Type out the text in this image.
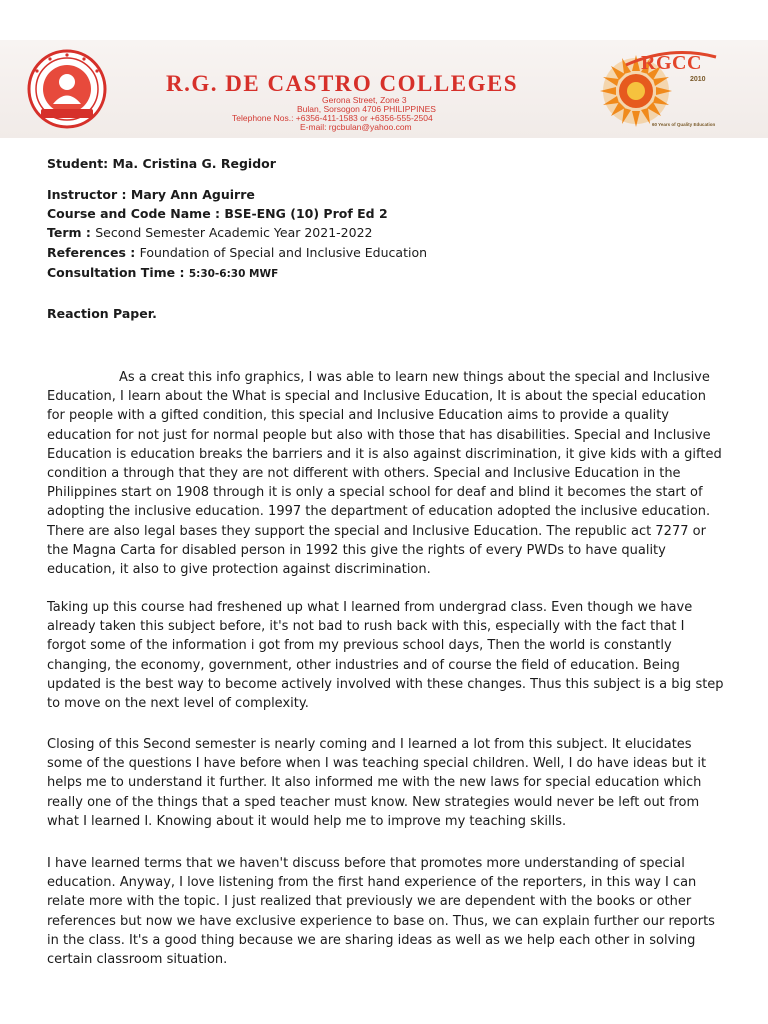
R.G. DE CASTRO COLLEGES
Gerona Street, Zone 3
Bulan, Sorsogon 4706 PHILIPPINES
Telephone Nos.: +6356-411-1583 or +6356-555-2504
E-mail: rgcbulan@yahoo.com
RGCC
2010
60 Years of Quality Education
Student: Ma. Cristina G. Regidor
Instructor : Mary Ann Aguirre
Course and Code Name : BSE-ENG (10) Prof Ed 2
Term : Second Semester Academic Year 2021-2022
References : Foundation of Special and Inclusive Education
Consultation Time : 5:30-6:30 MWF
Reaction Paper.

As a creat this info graphics, I was able to learn new things about the special and Inclusive Education, I learn about the What is special and Inclusive Education, It is about the special education for people with a gifted condition, this special and Inclusive Education aims to provide a quality education for not just for normal people but also with those that has disabilities. Special and Inclusive Education is education breaks the barriers and it is also against discrimination, it give kids with a gifted condition a through that they are not different with others. Special and Inclusive Education in the Philippines start on 1908 through it is only a special school for deaf and blind it becomes the start of adopting the inclusive education. 1997 the department of education adopted the inclusive education. There are also legal bases they support the special and Inclusive Education. The republic act 7277 or the Magna Carta for disabled person in 1992 this give the rights of every PWDs to have quality education, it also to give protection against discrimination.

Taking up this course had freshened up what I learned from undergrad class. Even though we have already taken this subject before, it's not bad to rush back with this, especially with the fact that I forgot some of the information i got from my previous school days, Then the world is constantly changing, the economy, government, other industries and of course the field of education. Being updated is the best way to become actively involved with these changes. Thus this subject is a big step to move on the next level of complexity.

Closing of this Second semester is nearly coming and I learned a lot from this subject. It elucidates some of the questions I have before when I was teaching special children. Well, I do have ideas but it helps me to understand it further. It also informed me with the new laws for special education which really one of the things that a sped teacher must know. New strategies would never be left out from what I learned I. Knowing about it would help me to improve my teaching skills.

I have learned terms that we haven't discuss before that promotes more understanding of special education. Anyway, I love listening from the first hand experience of the reporters, in this way I can relate more with the topic. I just realized that previously we are dependent with the books or other references but now we have exclusive experience to base on. Thus, we can explain further our reports in the class. It's a good thing because we are sharing ideas as well as we help each other in solving certain classroom situation.
